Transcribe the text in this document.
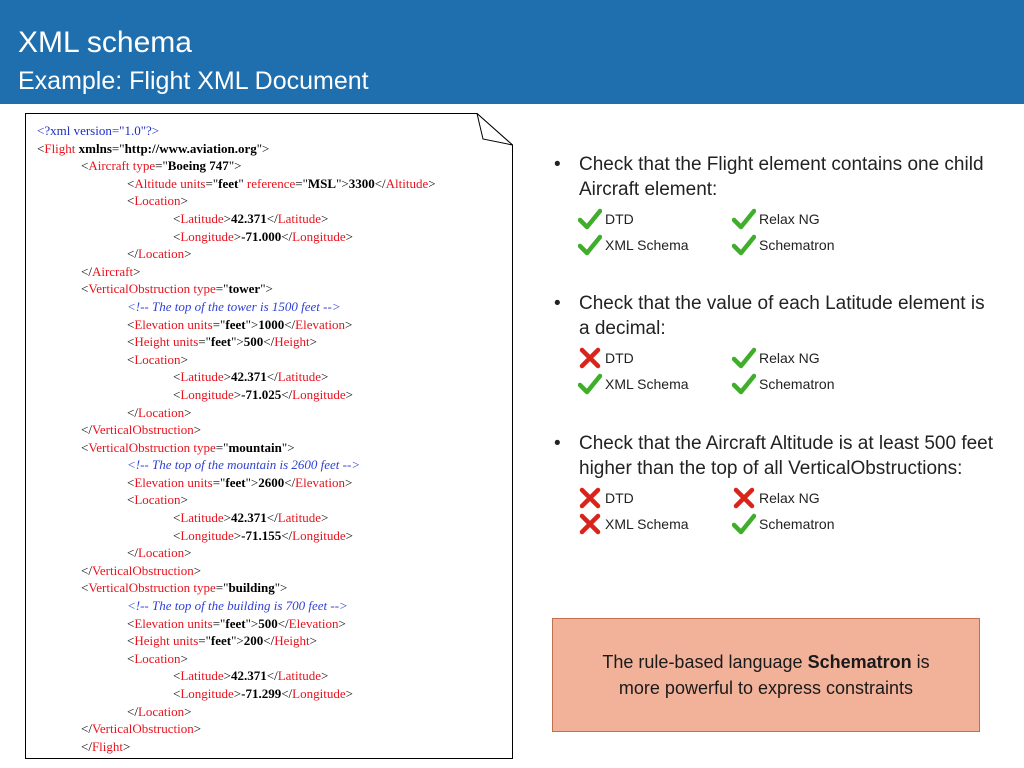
XML schema
Example: Flight XML Document
<?xml version="1.0"?>
<Flight xmlns="http://www.aviation.org">
<Aircraft type="Boeing 747">
<Altitude units="feet" reference="MSL">3300</Altitude>
<Location>
<Latitude>42.371</Latitude>
<Longitude>-71.000</Longitude>
</Location>
</Aircraft>
<VerticalObstruction type="tower">
<!-- The top of the tower is 1500 feet -->
<Elevation units="feet">1000</Elevation>
<Height units="feet">500</Height>
<Location>
<Latitude>42.371</Latitude>
<Longitude>-71.025</Longitude>
</Location>
</VerticalObstruction>
<VerticalObstruction type="mountain">
<!-- The top of the mountain is 2600 feet -->
<Elevation units="feet">2600</Elevation>
<Location>
<Latitude>42.371</Latitude>
<Longitude>-71.155</Longitude>
</Location>
</VerticalObstruction>
<VerticalObstruction type="building">
<!-- The top of the building is 700 feet -->
<Elevation units="feet">500</Elevation>
<Height units="feet">200</Height>
<Location>
<Latitude>42.371</Latitude>
<Longitude>-71.299</Longitude>
</Location>
</VerticalObstruction>
</Flight>
• Check that the Flight element contains one child Aircraft element:
DTD	Relax NG
XML Schema	Schematron
• Check that the value of each Latitude element is a decimal:
DTD	Relax NG
XML Schema	Schematron
• Check that the Aircraft Altitude is at least 500 feet higher than the top of all VerticalObstructions:
DTD	Relax NG
XML Schema	Schematron
The rule-based language Schematron is more powerful to express constraints
